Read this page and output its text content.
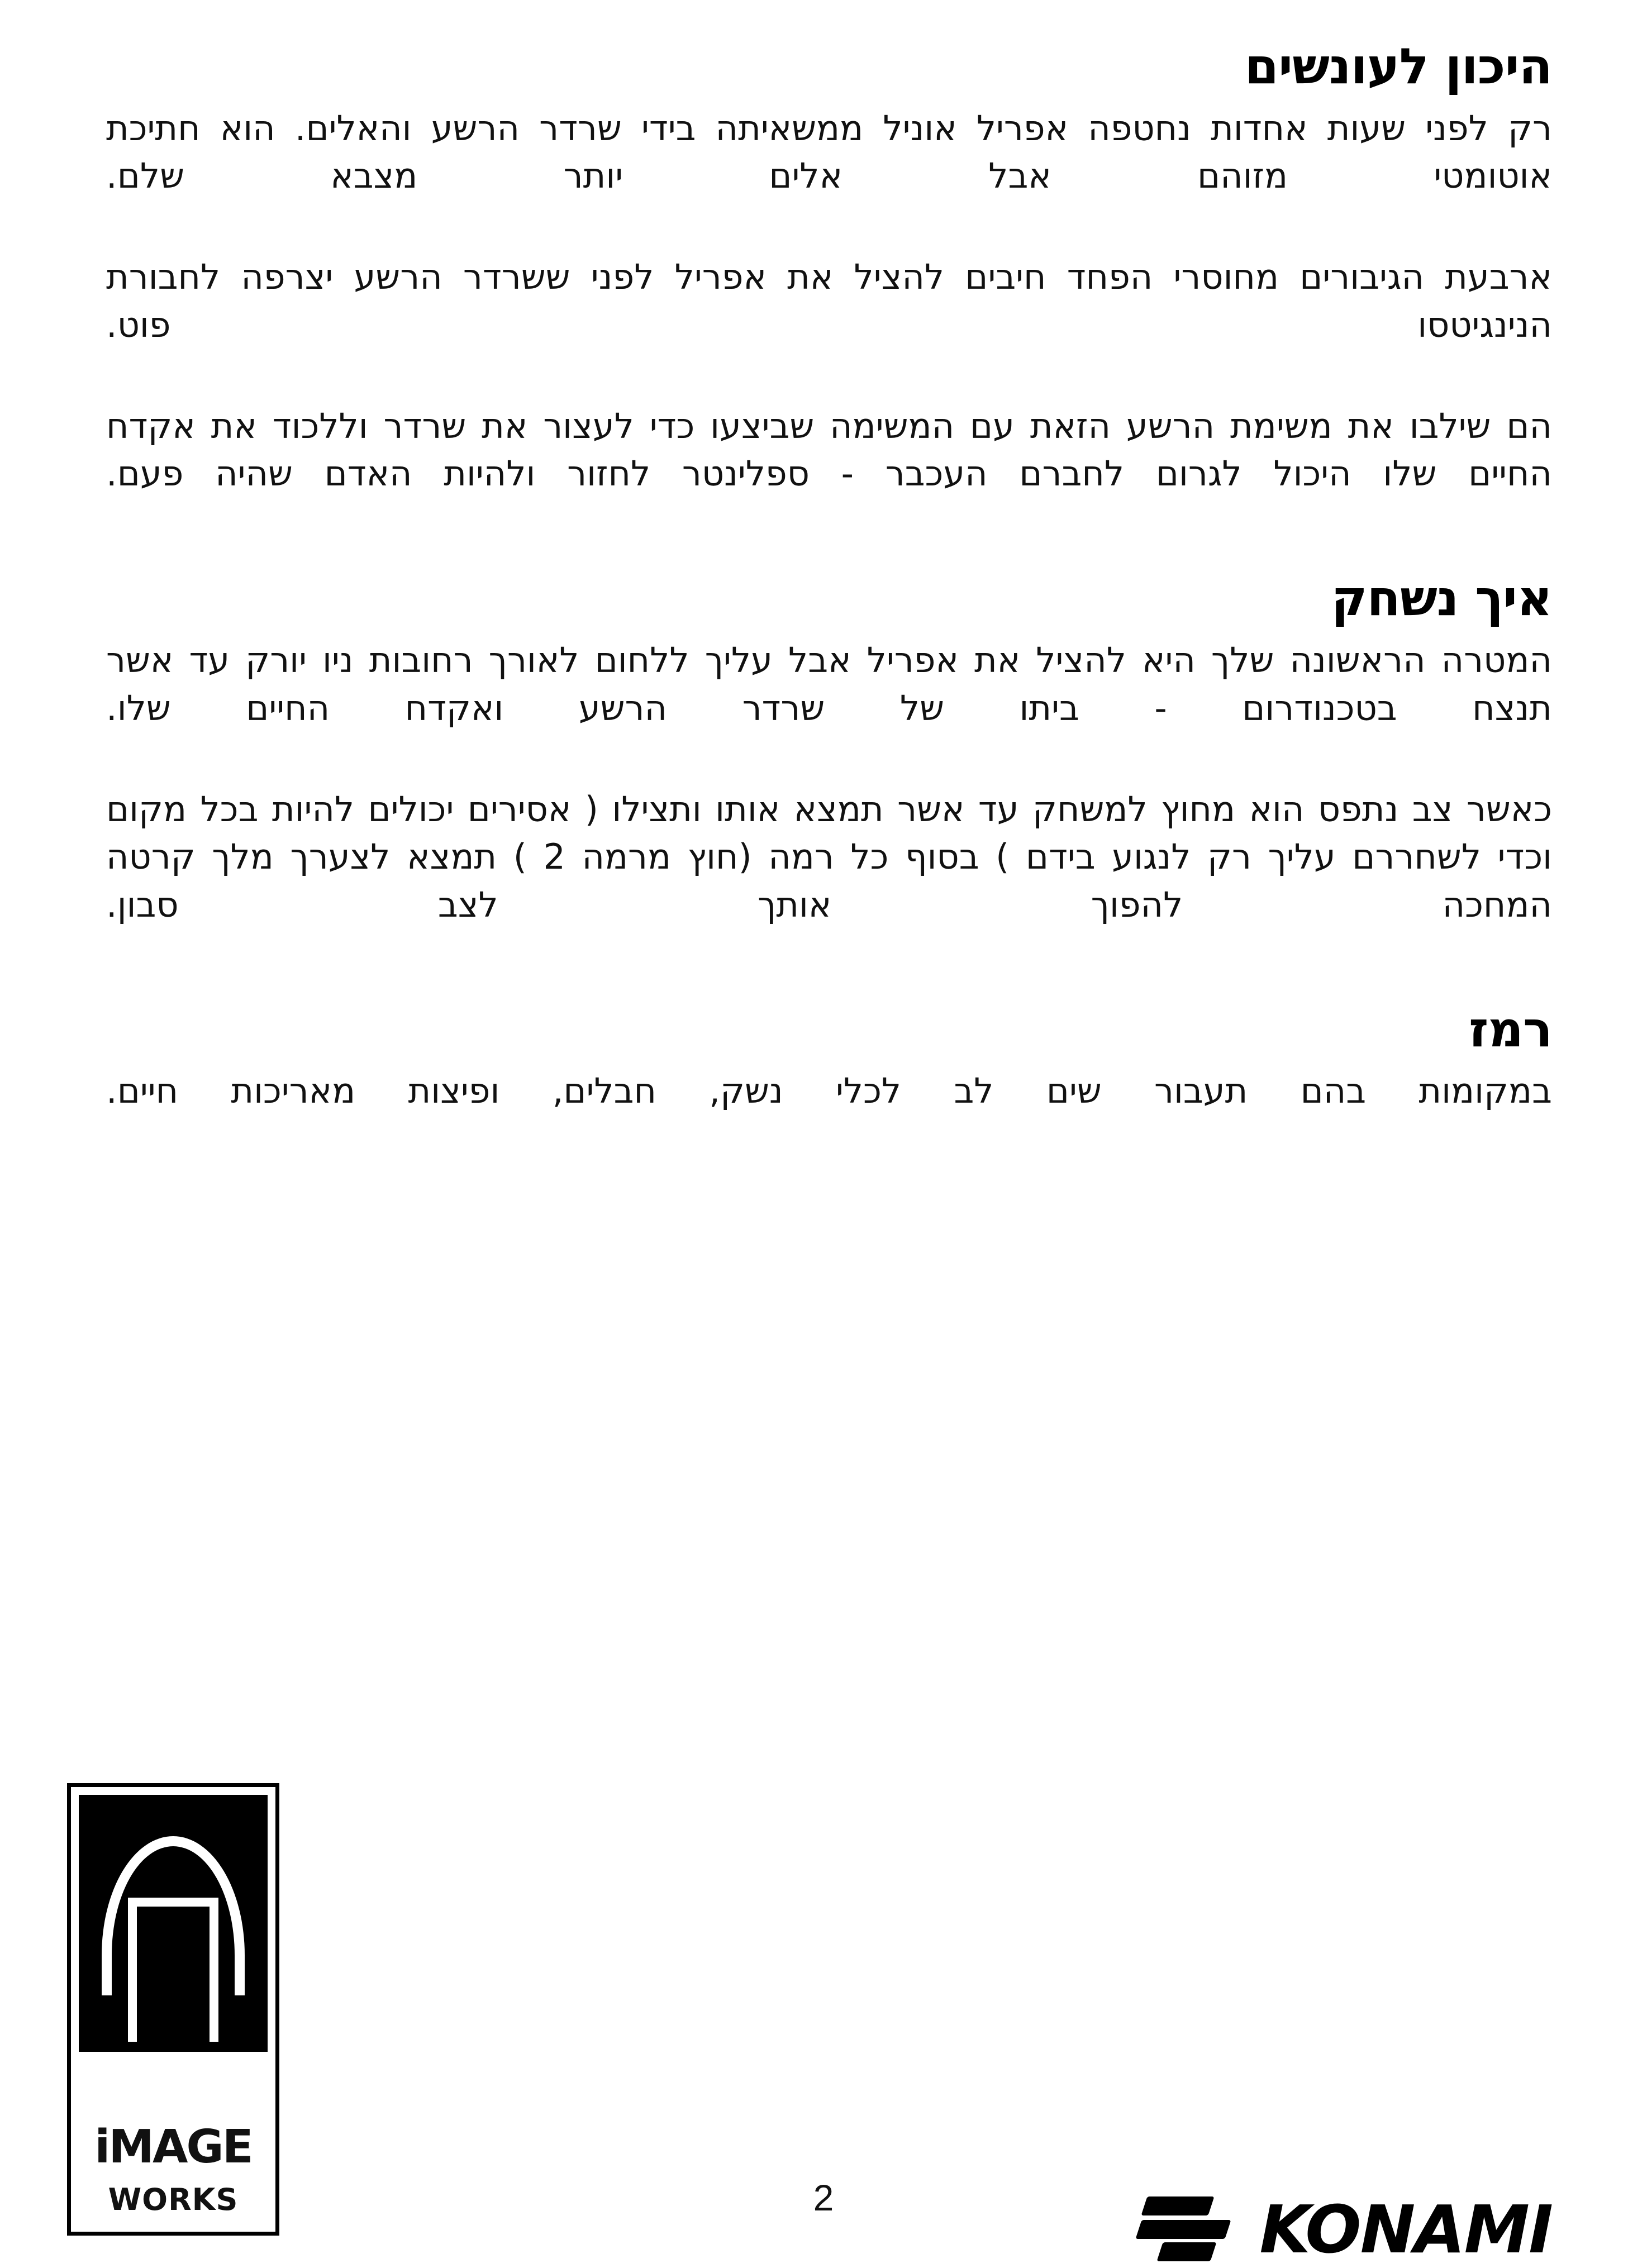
היכון לעונשים

רק לפני שעות אחדות נחטפה אפריל אוניל ממשאיתה בידי שרדר הרשע והאלים. הוא חתיכת אוטומטי מזוהם אבל אלים יותר מצבא שלם.

ארבעת הגיבורים מחוסרי הפחד חיבים להציל את אפריל לפני ששרדר הרשע יצרפה לחבורת הנינגיטסו פוט.

הם שילבו את משימת הרשע הזאת עם המשימה שביצעו כדי לעצור את שרדר וללכוד את אקדח החיים שלו היכול לגרום לחברם העכבר - ספלינטר לחזור ולהיות האדם שהיה פעם.

איך נשחק

המטרה הראשונה שלך היא להציל את אפריל אבל עליך ללחום לאורך רחובות ניו יורק עד אשר תנצח בטכנודרום - ביתו של שרדר הרשע ואקדח החיים שלו.

כאשר צב נתפס הוא מחוץ למשחק עד אשר תמצא אותו ותצילו ( אסירים יכולים להיות בכל מקום וכדי לשחררם עליך רק לנגוע בידם ) בסוף כל רמה (חוץ מרמה 2 ) תמצא לצערך מלך קרטה המחכה להפוך אותך לצב סבון.

רמז

במקומות בהם תעבור שים לב לכלי נשק, חבלים, ופיצות מאריכות חיים.

iMAGE
WORKS	2	KONAMI
